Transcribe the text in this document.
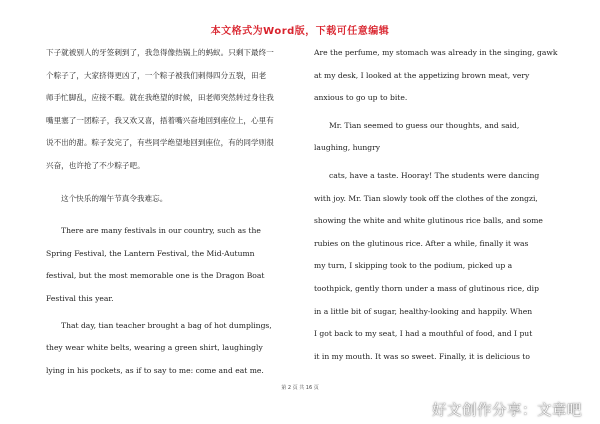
本文格式为Word版，下载可任意编辑
下子就被别人的牙签刺到了，我急得像热锅上的蚂蚁。只剩下最终一
个粽子了，大家挤得更凶了，一个粽子被我们刺得四分五裂，田老
师手忙脚乱，应接不暇。就在我绝望的时候，田老师突然转过身往我
嘴里塞了一团粽子，我又欢又喜，捂着嘴兴奋地回到座位上，心里有
说不出的甜。粽子发完了，有些同学绝望地回到座位，有的同学则很
兴奋，也许抢了不少粽子吧。
这个快乐的端午节真令我难忘。
There are many festivals in our country, such as the
Spring Festival, the Lantern Festival, the Mid-Autumn
festival, but the most memorable one is the Dragon Boat
Festival this year.
That day, tian teacher brought a bag of hot dumplings,
they wear white belts, wearing a green shirt, laughingly
lying in his pockets, as if to say to me: come and eat me.
Are the perfume, my stomach was already in the singing, gawk
at my desk, I looked at the appetizing brown meat, very
anxious to go up to bite.
Mr. Tian seemed to guess our thoughts, and said,
laughing, hungry
cats, have a taste. Hooray! The students were dancing
with joy. Mr. Tian slowly took off the clothes of the zongzi,
showing the white and white glutinous rice balls, and some
rubies on the glutinous rice. After a while, finally it was
my turn, I skipping took to the podium, picked up a
toothpick, gently thorn under a mass of glutinous rice, dip
in a little bit of sugar, healthy-looking and happily. When
I got back to my seat, I had a mouthful of food, and I put
it in my mouth. It was so sweet. Finally, it is delicious to
第 2 页 共 16 页
好文创作分享：文章吧
